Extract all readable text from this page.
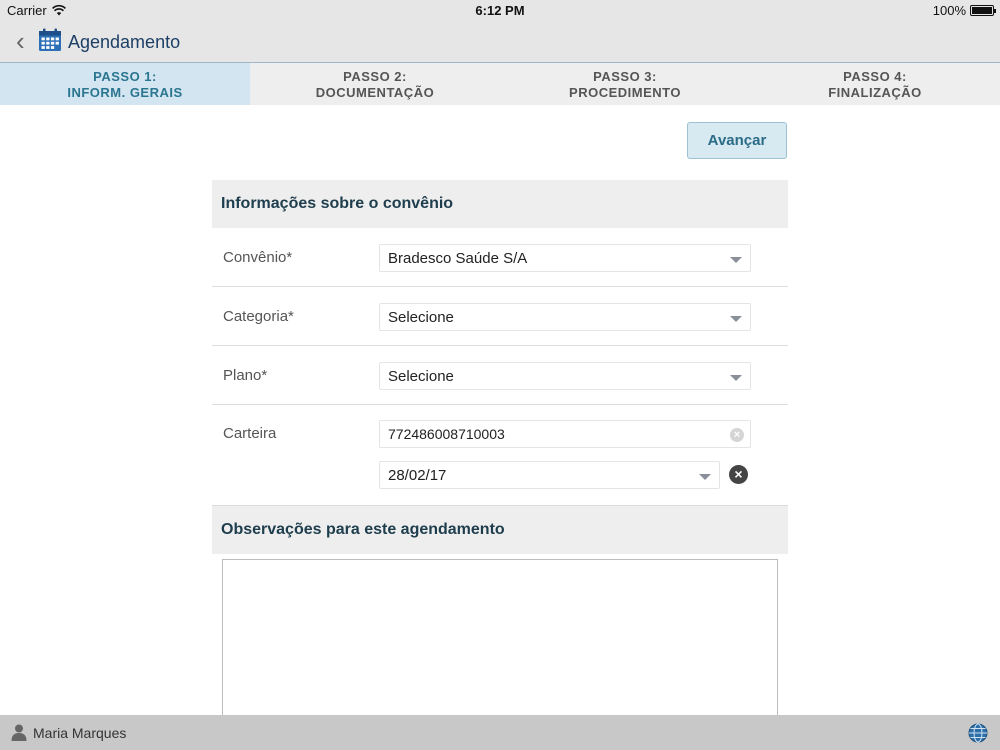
Carrier	6:12 PM	100%
‹ Agendamento
PASSO 1:
INFORM. GERAIS
PASSO 2:
DOCUMENTAÇÃO
PASSO 3:
PROCEDIMENTO
PASSO 4:
FINALIZAÇÃO
Avançar
Informações sobre o convênio
Convênio*	Bradesco Saúde S/A
Categoria*	Selecione
Plano*	Selecione
Carteira	772486008710003	×
28/02/17	×
Observações para este agendamento
Maria Marques
